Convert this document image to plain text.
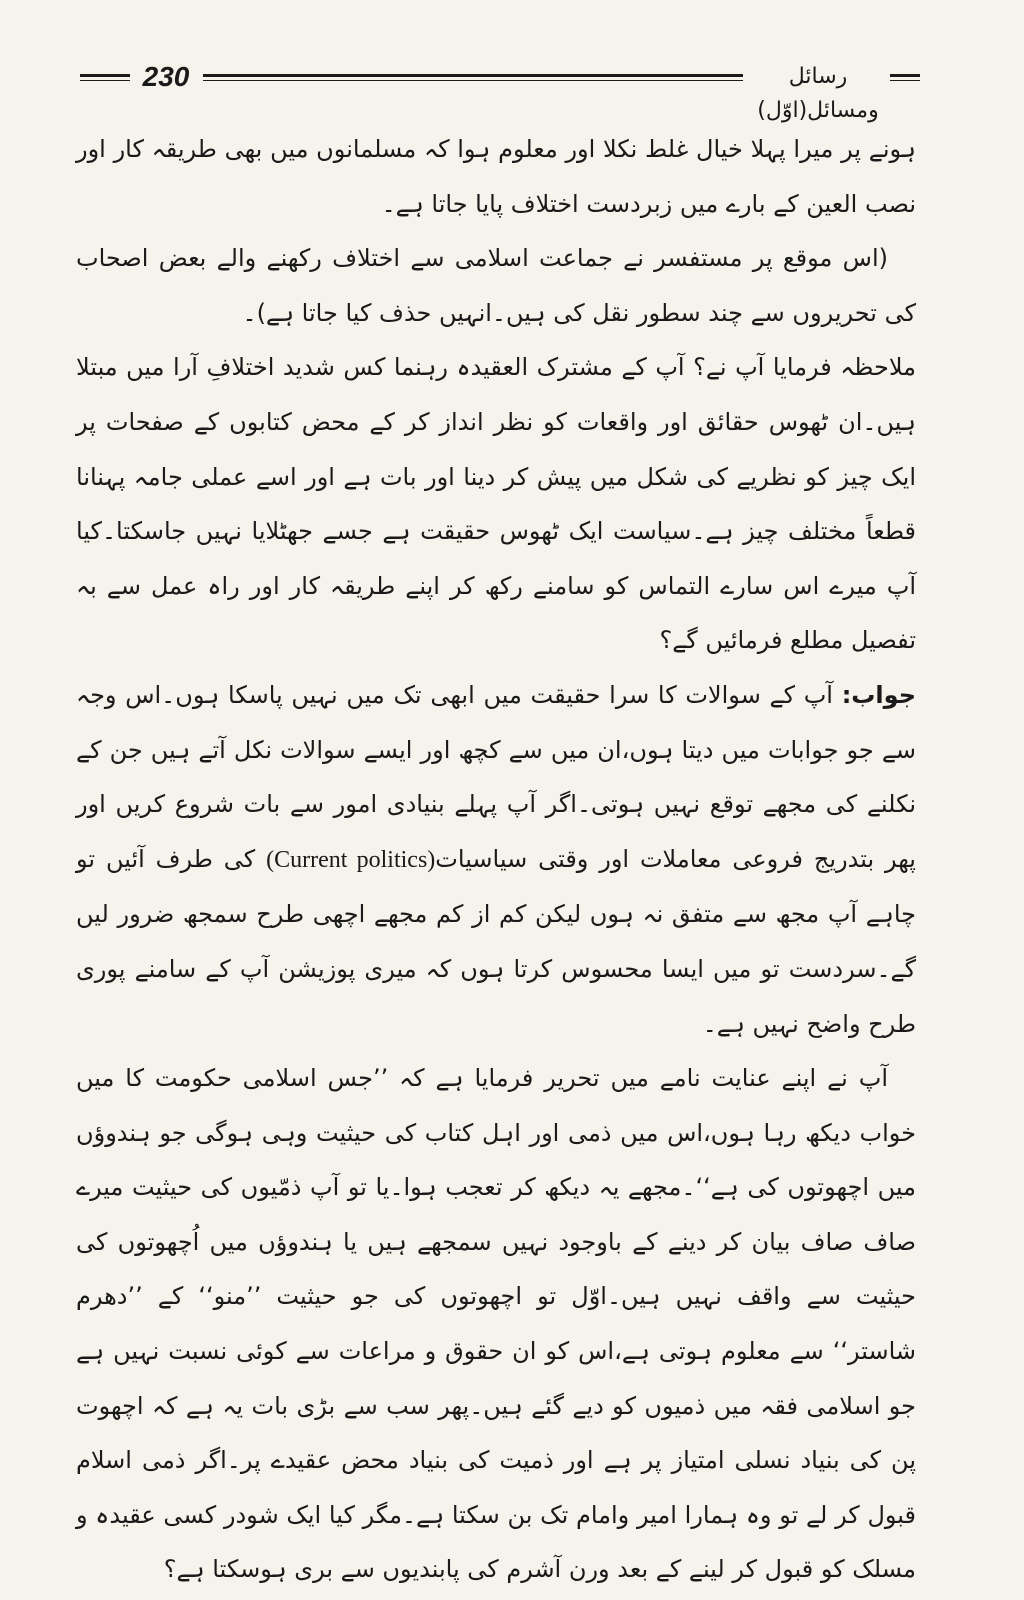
230	رسائل ومسائل(اوّل)

ہونے پر میرا پہلا خیال غلط نکلا اور معلوم ہوا کہ مسلمانوں میں بھی طریقہ کار اور نصب العین کے بارے میں زبردست اختلاف پایا جاتا ہے۔

(اس موقع پر مستفسر نے جماعت اسلامی سے اختلاف رکھنے والے بعض اصحاب کی تحریروں سے چند سطور نقل کی ہیں۔انہیں حذف کیا جاتا ہے)۔

ملاحظہ فرمایا آپ نے؟ آپ کے مشترک العقیدہ رہنما کس شدید اختلافِ آرا میں مبتلا ہیں۔ان ٹھوس حقائق اور واقعات کو نظر انداز کر کے محض کتابوں کے صفحات پر ایک چیز کو نظریے کی شکل میں پیش کر دینا اور بات ہے اور اسے عملی جامہ پہنانا قطعاً مختلف چیز ہے۔سیاست ایک ٹھوس حقیقت ہے جسے جھٹلایا نہیں جاسکتا۔کیا آپ میرے اس سارے التماس کو سامنے رکھ کر اپنے طریقہ کار اور راہ عمل سے بہ تفصیل مطلع فرمائیں گے؟

جواب: آپ کے سوالات کا سرا حقیقت میں ابھی تک میں نہیں پاسکا ہوں۔اس وجہ سے جو جوابات میں دیتا ہوں،ان میں سے کچھ اور ایسے سوالات نکل آتے ہیں جن کے نکلنے کی مجھے توقع نہیں ہوتی۔اگر آپ پہلے بنیادی امور سے بات شروع کریں اور پھر بتدریج فروعی معاملات اور وقتی سیاسیات(Current politics) کی طرف آئیں تو چاہے آپ مجھ سے متفق نہ ہوں لیکن کم از کم مجھے اچھی طرح سمجھ ضرور لیں گے۔سردست تو میں ایسا محسوس کرتا ہوں کہ میری پوزیشن آپ کے سامنے پوری طرح واضح نہیں ہے۔

آپ نے اپنے عنایت نامے میں تحریر فرمایا ہے کہ ’’جس اسلامی حکومت کا میں خواب دیکھ رہا ہوں،اس میں ذمی اور اہل کتاب کی حیثیت وہی ہوگی جو ہندوؤں میں اچھوتوں کی ہے‘‘۔مجھے یہ دیکھ کر تعجب ہوا۔یا تو آپ ذمّیوں کی حیثیت میرے صاف صاف بیان کر دینے کے باوجود نہیں سمجھے ہیں یا ہندوؤں میں اُچھوتوں کی حیثیت سے واقف نہیں ہیں۔اوّل تو اچھوتوں کی جو حیثیت ’’منو‘‘ کے ’’دھرم شاستر‘‘ سے معلوم ہوتی ہے،اس کو ان حقوق و مراعات سے کوئی نسبت نہیں ہے جو اسلامی فقہ میں ذمیوں کو دیے گئے ہیں۔پھر سب سے بڑی بات یہ ہے کہ اچھوت پن کی بنیاد نسلی امتیاز پر ہے اور ذمیت کی بنیاد محض عقیدے پر۔اگر ذمی اسلام قبول کر لے تو وہ ہمارا امیر وامام تک بن سکتا ہے۔مگر کیا ایک شودر کسی عقیدہ و مسلک کو قبول کر لینے کے بعد ورن آشرم کی پابندیوں سے بری ہوسکتا ہے؟
